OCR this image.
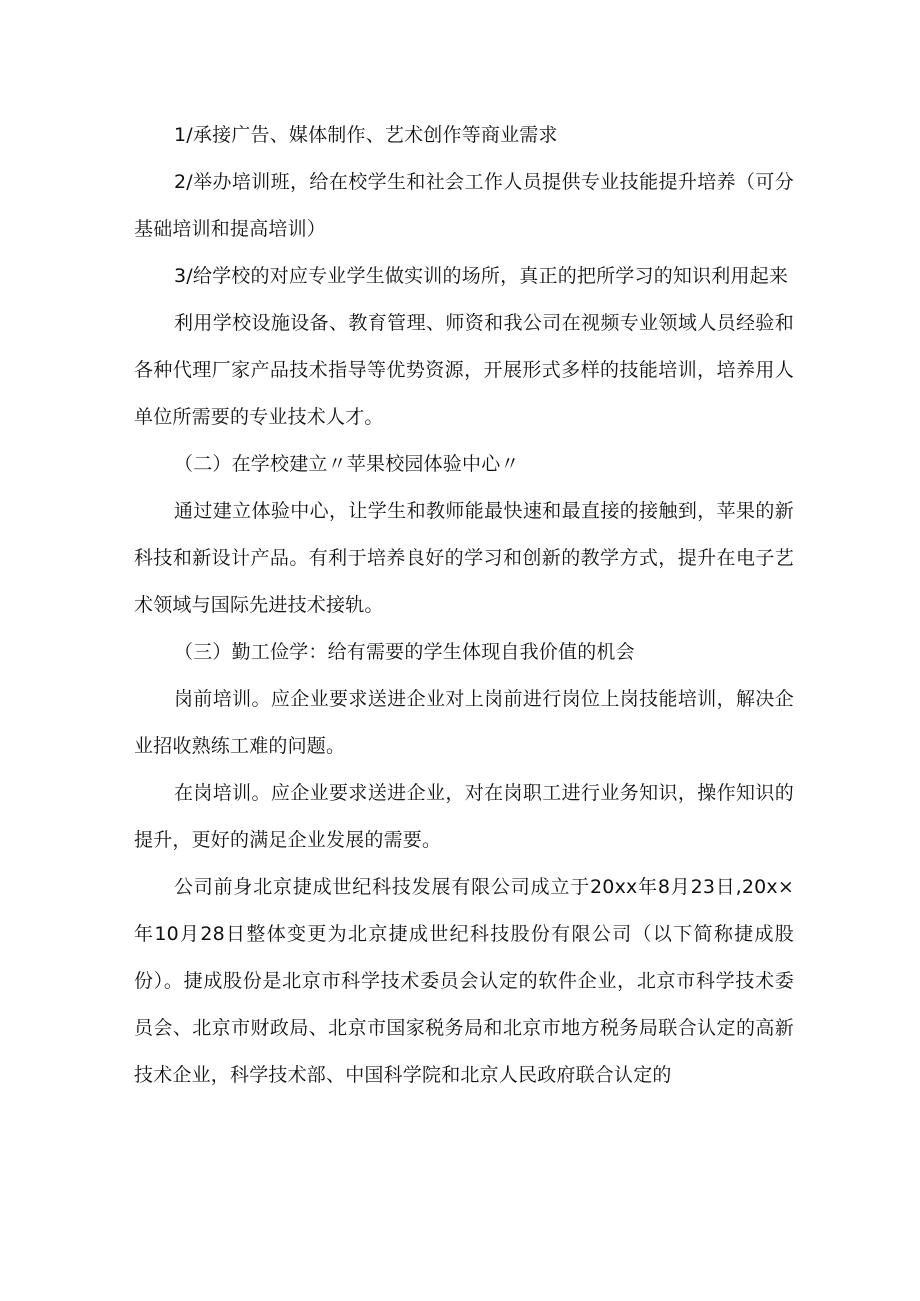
1/承接广告、媒体制作、艺术创作等商业需求

2/举办培训班，给在校学生和社会工作人员提供专业技能提升培养（可分基础培训和提高培训）

3/给学校的对应专业学生做实训的场所，真正的把所学习的知识利用起来

利用学校设施设备、教育管理、师资和我公司在视频专业领域人员经验和各种代理厂家产品技术指导等优势资源，开展形式多样的技能培训，培养用人单位所需要的专业技术人才。

（二）在学校建立〃苹果校园体验中心〃

通过建立体验中心，让学生和教师能最快速和最直接的接触到，苹果的新科技和新设计产品。有利于培养良好的学习和创新的教学方式，提升在电子艺术领域与国际先进技术接轨。

（三）勤工俭学：给有需要的学生体现自我价值的机会

岗前培训。应企业要求送进企业对上岗前进行岗位上岗技能培训，解决企业招收熟练工难的问题。

在岗培训。应企业要求送进企业，对在岗职工进行业务知识，操作知识的提升，更好的满足企业发展的需要。

公司前身北京捷成世纪科技发展有限公司成立于20xx年8月23日,20x×年10月28日整体变更为北京捷成世纪科技股份有限公司（以下简称捷成股份）。捷成股份是北京市科学技术委员会认定的软件企业，北京市科学技术委员会、北京市财政局、北京市国家税务局和北京市地方税务局联合认定的高新技术企业，科学技术部、中国科学院和北京人民政府联合认定的
